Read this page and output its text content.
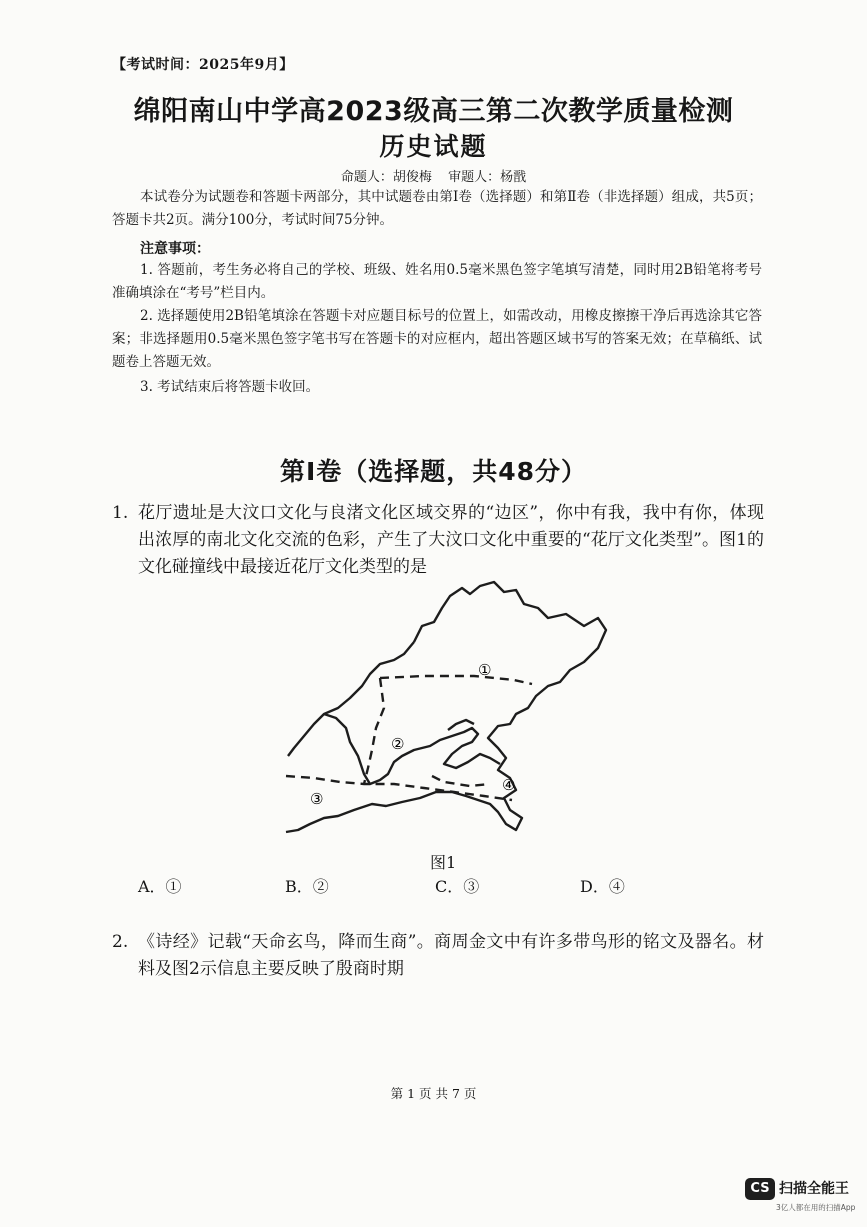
【考试时间：2025年9月】
绵阳南山中学高2023级高三第二次教学质量检测
历史试题
命题人：胡俊梅 审题人：杨戬
本试卷分为试题卷和答题卡两部分，其中试题卷由第Ⅰ卷（选择题）和第Ⅱ卷（非选择题）组成，共5页；答题卡共2页。满分100分，考试时间75分钟。
注意事项：
1. 答题前，考生务必将自己的学校、班级、姓名用0.5毫米黑色签字笔填写清楚，同时用2B铅笔将考号准确填涂在“考号”栏目内。
2. 选择题使用2B铅笔填涂在答题卡对应题目标号的位置上，如需改动，用橡皮擦擦干净后再选涂其它答案；非选择题用0.5毫米黑色签字笔书写在答题卡的对应框内，超出答题区域书写的答案无效；在草稿纸、试题卷上答题无效。
3. 考试结束后将答题卡收回。
第Ⅰ卷（选择题，共48分）
1. 花厅遗址是大汶口文化与良渚文化区域交界的“边区”，你中有我，我中有你，体现出浓厚的南北文化交流的色彩，产生了大汶口文化中重要的“花厅文化类型”。图1的文化碰撞线中最接近花厅文化类型的是
①
②
③
④
图1
A．①	B．②	C．③	D．④
2. 《诗经》记载“天命玄鸟，降而生商”。商周金文中有许多带鸟形的铭文及器名。材料及图2示信息主要反映了殷商时期
第 1 页 共 7 页
CS 扫描全能王
3亿人都在用的扫描App
